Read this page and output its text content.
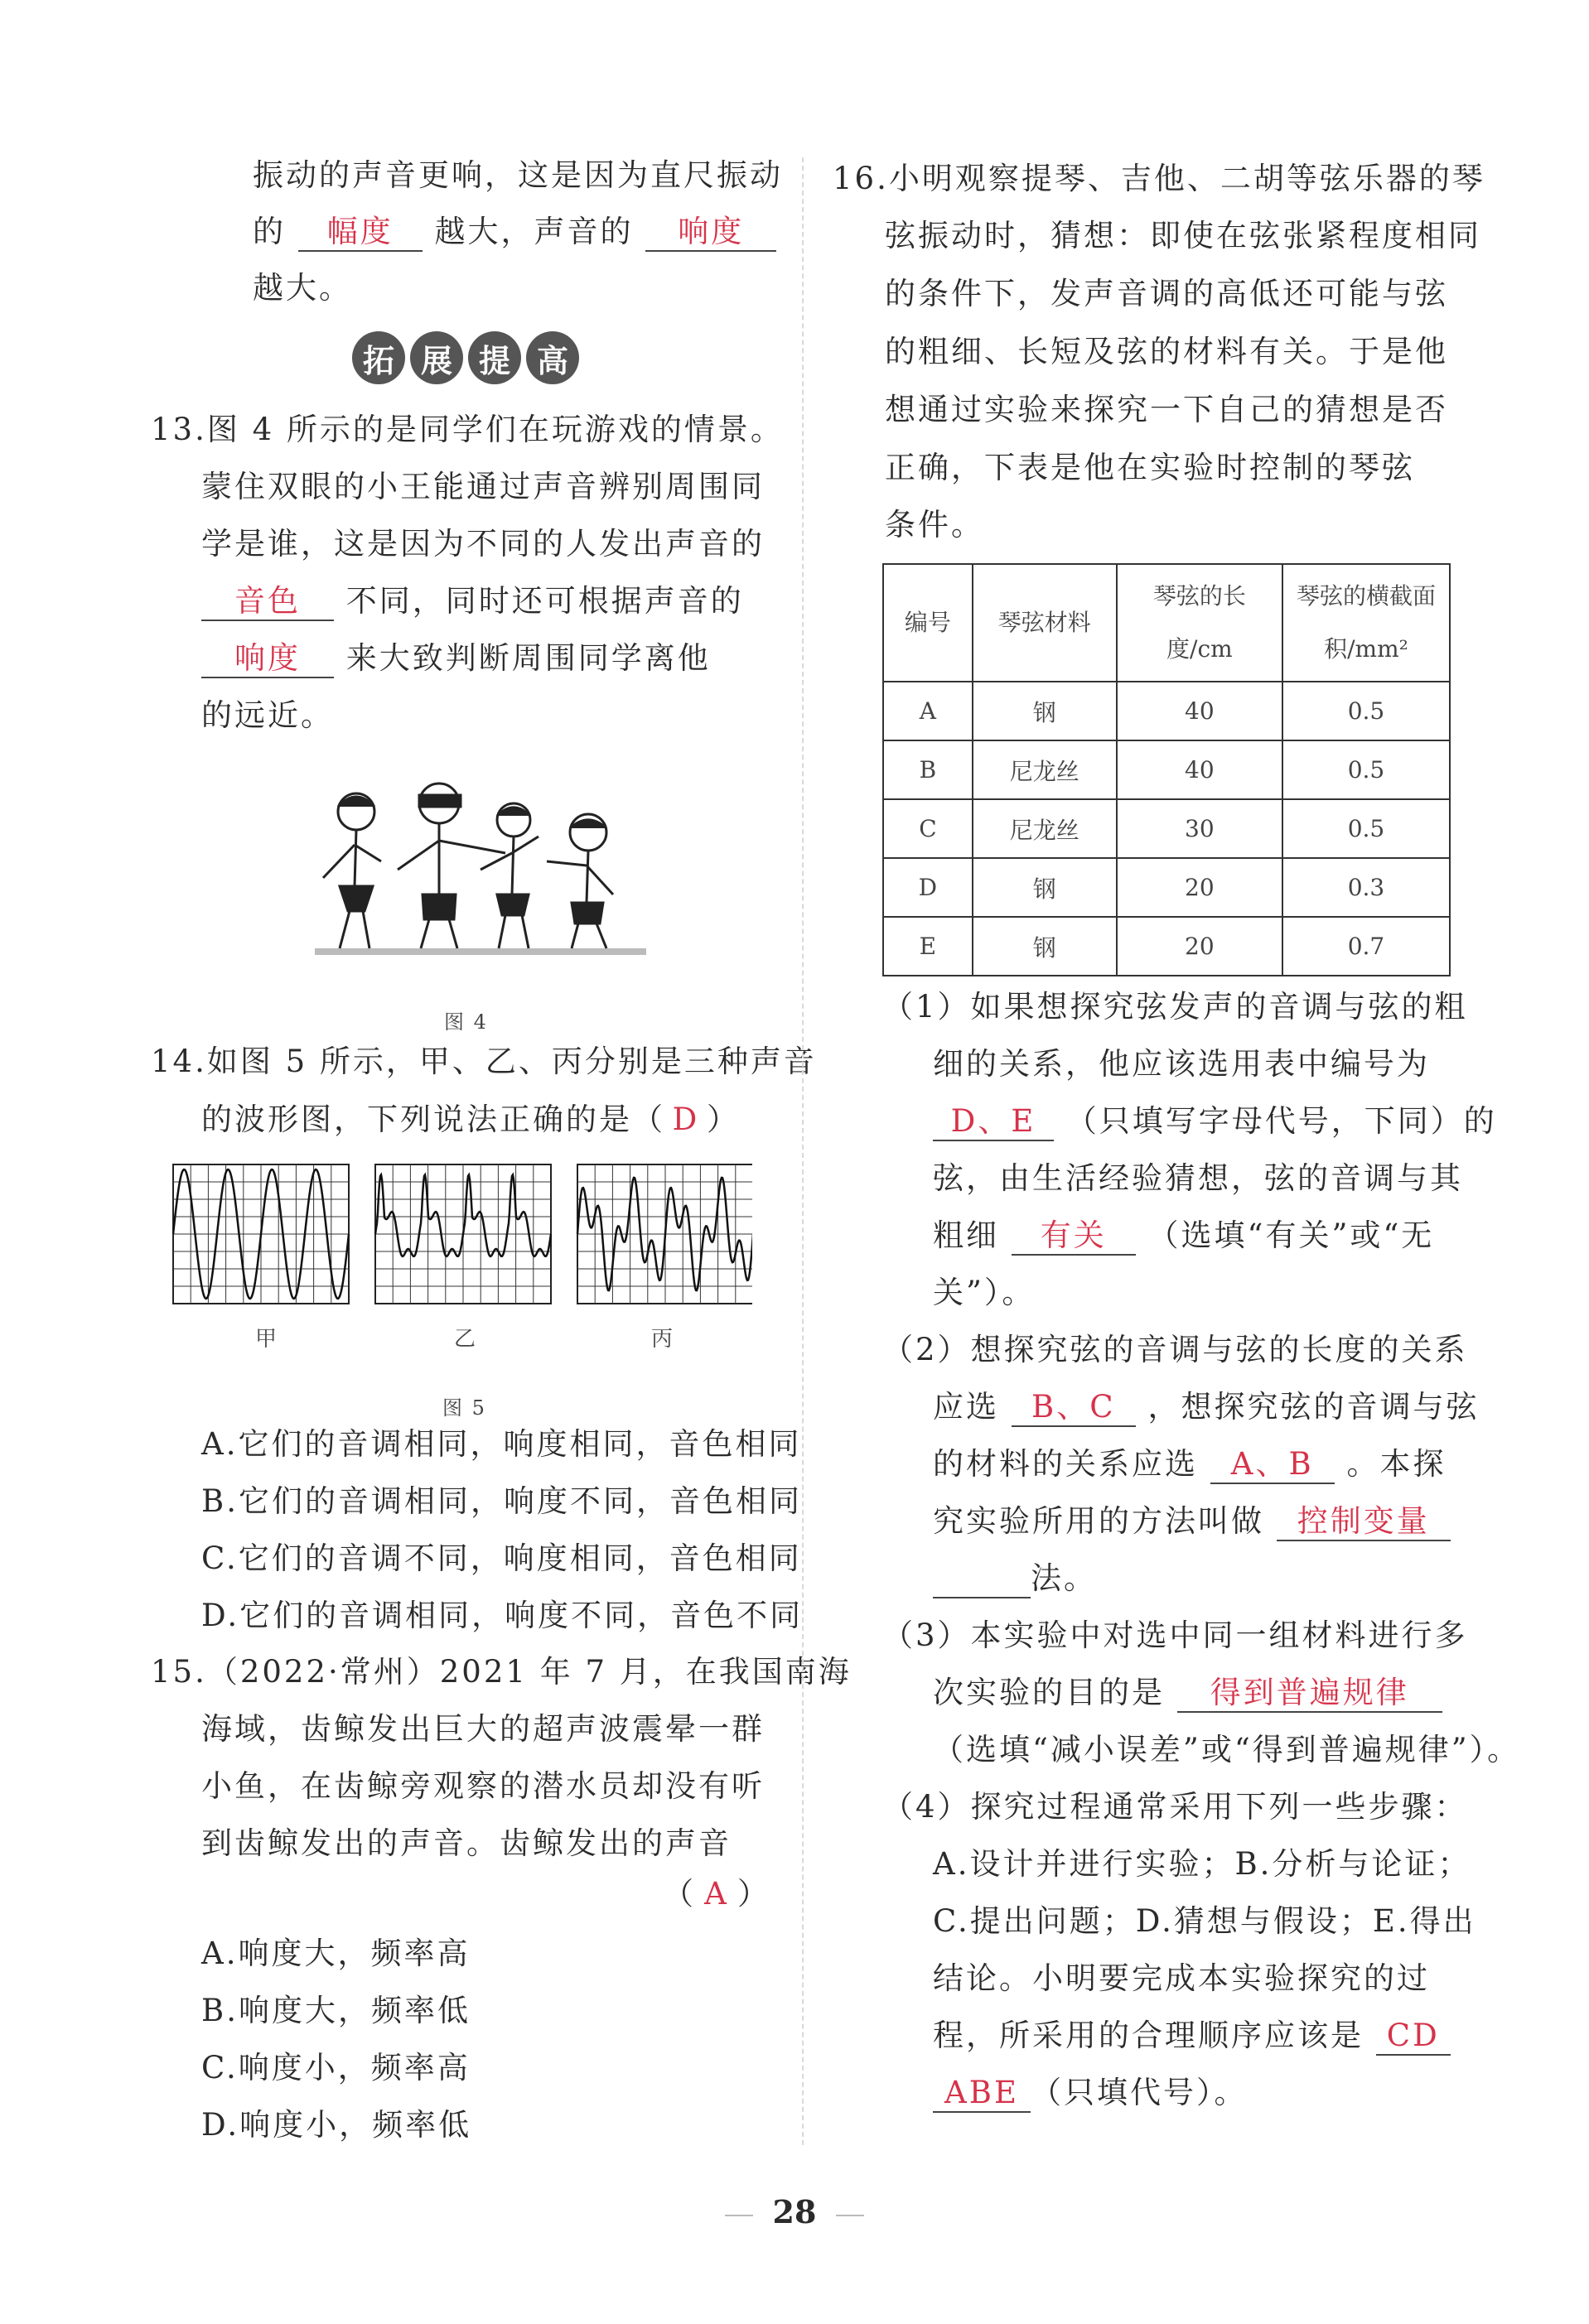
振动的声音更响，这是因为直尺振动
的 幅度 越大，声音的 响度
越大。
拓 展 提 高
13.图 4 所示的是同学们在玩游戏的情景。
蒙住双眼的小王能通过声音辨别周围同
学是谁，这是因为不同的人发出声音的
音色 不同，同时还可根据声音的
响度 来大致判断周围同学离他
的远近。
图 4
14.如图 5 所示，甲、乙、丙分别是三种声音
的波形图，下列说法正确的是（ D ）
甲	乙	丙
图 5
A.它们的音调相同，响度相同，音色相同
B.它们的音调相同，响度不同，音色相同
C.它们的音调不同，响度相同，音色相同
D.它们的音调相同，响度不同，音色不同
15.（2022·常州）2021 年 7 月，在我国南海
海域，齿鲸发出巨大的超声波震晕一群
小鱼，在齿鲸旁观察的潜水员却没有听
到齿鲸发出的声音。齿鲸发出的声音
（ A ）
A.响度大，频率高
B.响度大，频率低
C.响度小，频率高
D.响度小，频率低
16.小明观察提琴、吉他、二胡等弦乐器的琴
弦振动时，猜想：即使在弦张紧程度相同
的条件下，发声音调的高低还可能与弦
的粗细、长短及弦的材料有关。于是他
想通过实验来探究一下自己的猜想是否
正确，下表是他在实验时控制的琴弦
条件。
编号	琴弦材料	琴弦的长度/cm	琴弦的横截面积/mm²
A	钢	40	0.5
B	尼龙丝	40	0.5
C	尼龙丝	30	0.5
D	钢	20	0.3
E	钢	20	0.7
（1）如果想探究弦发声的音调与弦的粗
细的关系，他应该选用表中编号为
D、E （只填写字母代号，下同）的
弦，由生活经验猜想，弦的音调与其
粗细 有关 （选填“有关”或“无
关”）。
（2）想探究弦的音调与弦的长度的关系
应选 B、C ，想探究弦的音调与弦
的材料的关系应选 A、B 。本探
究实验所用的方法叫做 控制变量
法。
（3）本实验中对选中同一组材料进行多
次实验的目的是 得到普遍规律
（选填“减小误差”或“得到普遍规律”）。
（4）探究过程通常采用下列一些步骤：
A.设计并进行实验；B.分析与论证；
C.提出问题；D.猜想与假设；E.得出
结论。小明要完成本实验探究的过
程，所采用的合理顺序应该是 CD
ABE （只填代号）。
28
